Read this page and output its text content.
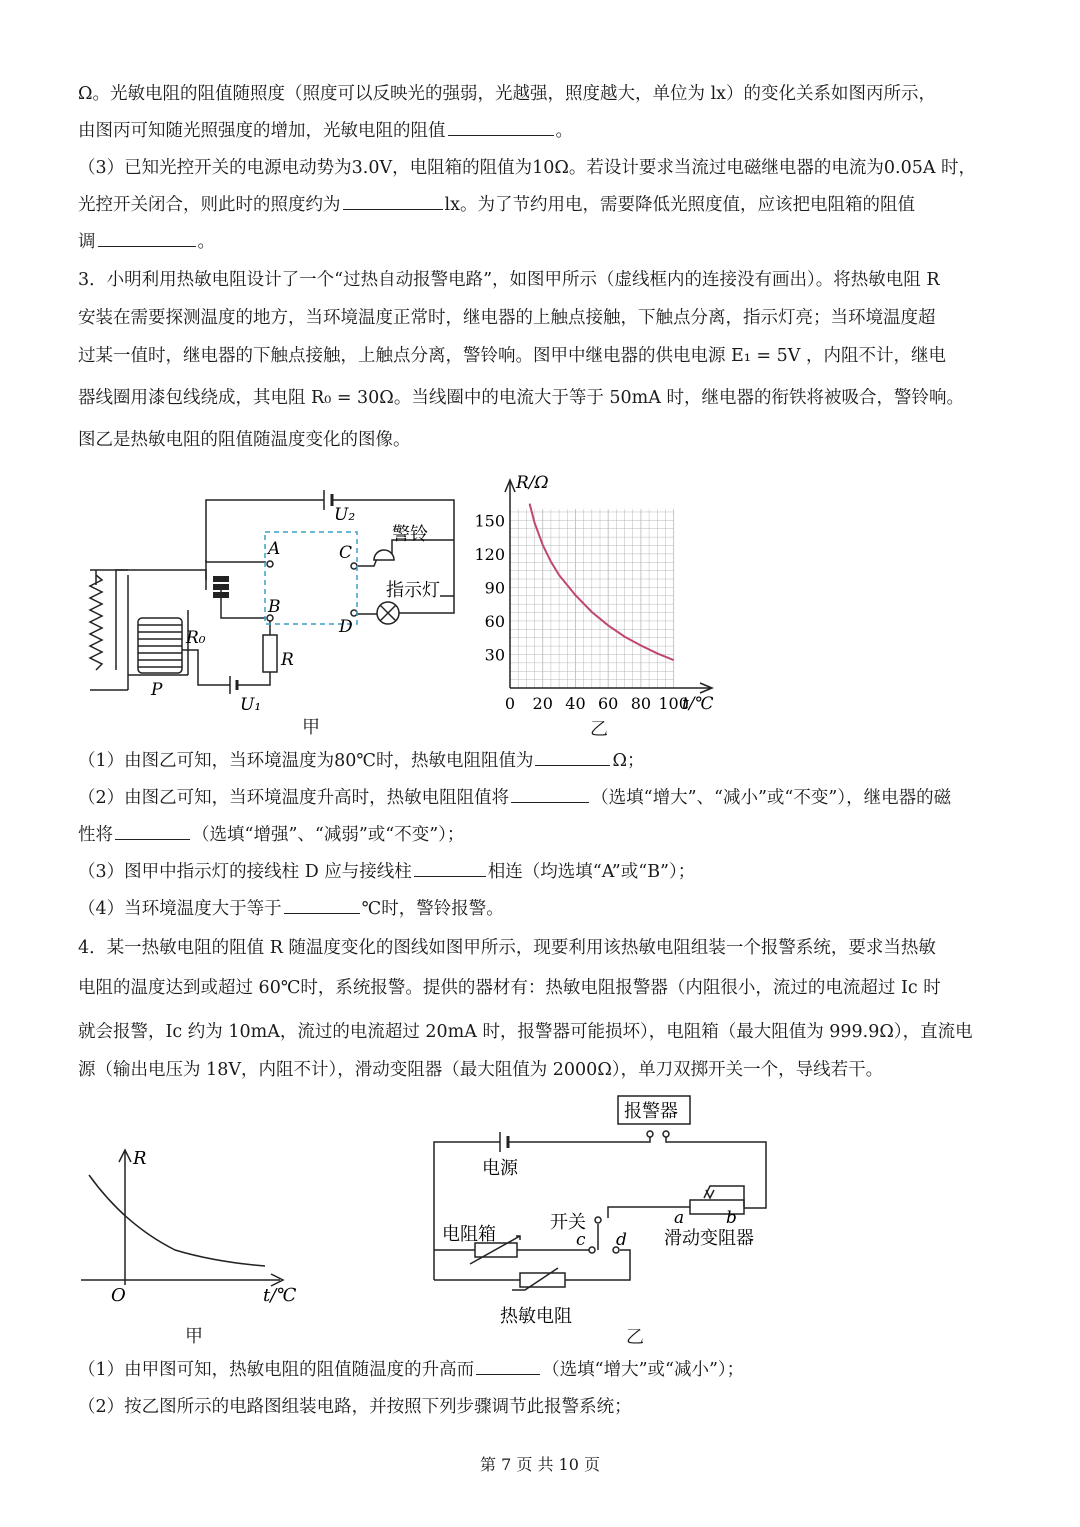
Ω。光敏电阻的阻值随照度（照度可以反映光的强弱，光越强，照度越大，单位为 lx）的变化关系如图丙所示，
由图丙可知随光照强度的增加，光敏电阻的阻值	。
（3）已知光控开关的电源电动势为3.0V，电阻箱的阻值为10Ω。若设计要求当流过电磁继电器的电流为0.05A 时，
光控开关闭合，则此时的照度约为	lx。为了节约用电，需要降低光照度值，应该把电阻箱的阻值
调	。
3．小明利用热敏电阻设计了一个“过热自动报警电路”，如图甲所示（虚线框内的连接没有画出）。将热敏电阻 R
安装在需要探测温度的地方，当环境温度正常时，继电器的上触点接触，下触点分离，指示灯亮；当环境温度超
过某一值时，继电器的下触点接触，上触点分离，警铃响。图甲中继电器的供电电源 E₁ = 5V ，内阻不计，继电
器线圈用漆包线绕成，其电阻 R₀ = 30Ω。当线圈中的电流大于等于 50mA 时，继电器的衔铁将被吸合，警铃响。
图乙是热敏电阻的阻值随温度变化的图像。
U₂
警铃
指示灯
A
B
C
D
R₀
R
P
U₁
甲
0 20 40 60 80 100
30
60
90
120
150
R/Ω
t/℃
乙
（1）由图乙可知，当环境温度为80℃时，热敏电阻阻值为	Ω；
（2）由图乙可知，当环境温度升高时，热敏电阻阻值将	（选填“增大”、“减小”或“不变”），继电器的磁
性将	（选填“增强”、“减弱”或“不变”）；
（3）图甲中指示灯的接线柱 D 应与接线柱	相连（均选填“A”或“B”）；
（4）当环境温度大于等于	℃时，警铃报警。
4．某一热敏电阻的阻值 R 随温度变化的图线如图甲所示，现要利用该热敏电阻组装一个报警系统，要求当热敏
电阻的温度达到或超过 60℃时，系统报警。提供的器材有：热敏电阻报警器（内阻很小，流过的电流超过 Ic 时
就会报警，Ic 约为 10mA，流过的电流超过 20mA 时，报警器可能损坏），电阻箱（最大阻值为 999.9Ω），直流电
源（输出电压为 18V，内阻不计），滑动变阻器（最大阻值为 2000Ω），单刀双掷开关一个，导线若干。
R
O	t/℃
甲
报警器
电源
开关
电阻箱	滑动变阻器
热敏电阻
a b
c d
乙
（1）由甲图可知，热敏电阻的阻值随温度的升高而	（选填“增大”或“减小”）；
（2）按乙图所示的电路图组装电路，并按照下列步骤调节此报警系统；
第 7 页 共 10 页
